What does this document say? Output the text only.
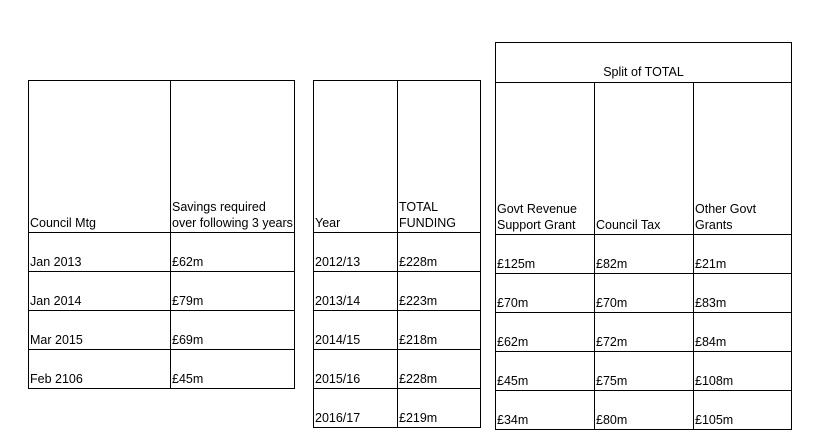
Council Mtg	Savings required over following 3 years
Jan 2013	£62m
Jan 2014	£79m
Mar 2015	£69m
Feb 2106	£45m
Year	TOTAL FUNDING
2012/13	£228m
2013/14	£223m
2014/15	£218m
2015/16	£228m
2016/17	£219m
Split of TOTAL		
Govt Revenue Support Grant	Council Tax	Other Govt Grants
£125m	£82m	£21m
£70m	£70m	£83m
£62m	£72m	£84m
£45m	£75m	£108m
£34m	£80m	£105m
